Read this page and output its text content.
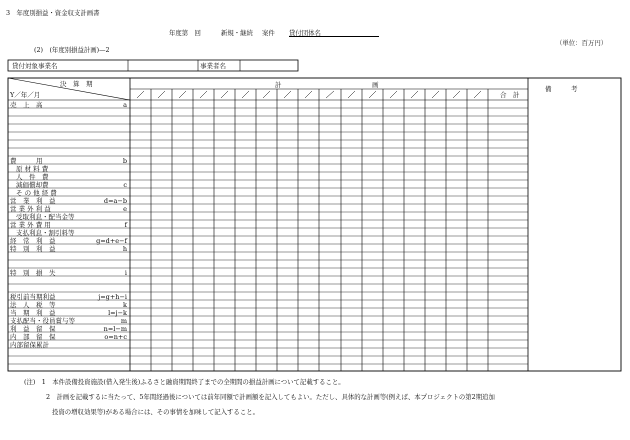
3　年度別損益・資金収支計画書
年度第　回	新規・継続 案件 貸付団体名
（単位：百万円）
(2)　(年度別損益計画)—2
貸付対象事業名	事業者名
決　算　期
Y／年／月
計	画
合　計
備　　　考
売　上　高	a
費　　　用	b
原 材 料 費
人　件　費
減価償却費	c
そ の 他 経 費
営　業　利　益	d=a−b
営 業 外 利 益	e
受取利息・配当金等
営 業 外 費 用	f
支払利息・割引料等
経　常　利　益	g=d+e−f
特　別　利　益	h
特　別　損　失	i
税引前当期利益	j=g+h−i
法　人　税　等	k
当　期　利　益	l=j−k
支払配当・役員賞与等	m
利　益　留　保	n=l−m
内　部　留　保	o=n+c
内部留保累計
(注)　1　本件設備投資施設(借入発生後)ふるさと融資期間終了までの全期間の損益計画について記載すること。
2　計画を記載するに当たって、5年間経過後については前年同額で計画額を記入してもよい。ただし、具体的な計画等(例えば、本プロジェクトの第2期追加
投資の増収効果等)がある場合には、その事情を加味して記入すること。
